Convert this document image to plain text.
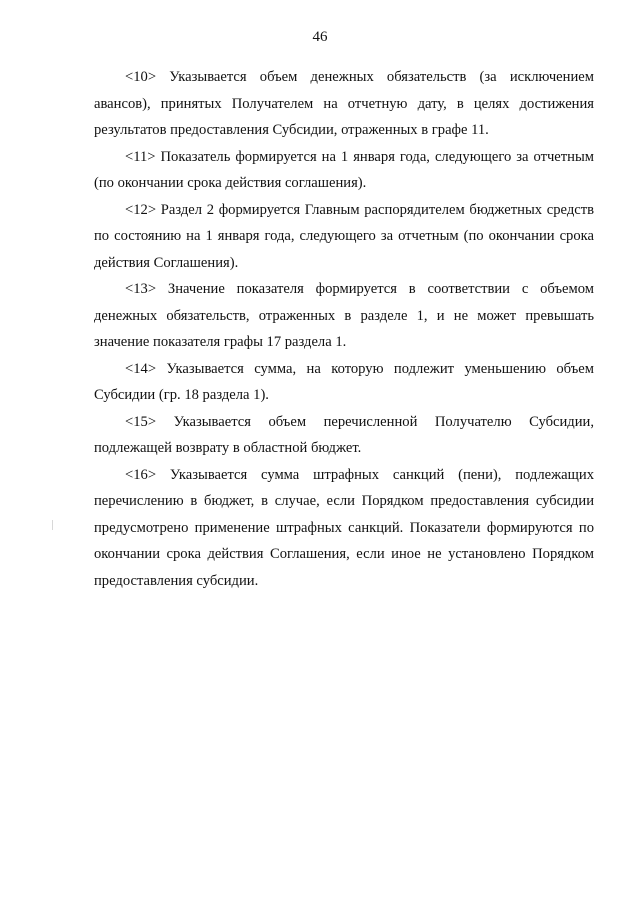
46

<10> Указывается объем денежных обязательств (за исключением авансов), принятых Получателем на отчетную дату, в целях достижения результатов предоставления Субсидии, отраженных в графе 11.

<11> Показатель формируется на 1 января года, следующего за отчетным (по окончании срока действия соглашения).

<12> Раздел 2 формируется Главным распорядителем бюджетных средств по состоянию на 1 января года, следующего за отчетным (по окончании срока действия Соглашения).

<13> Значение показателя формируется в соответствии с объемом денежных обязательств, отраженных в разделе 1, и не может превышать значение показателя графы 17 раздела 1.

<14> Указывается сумма, на которую подлежит уменьшению объем Субсидии (гр. 18 раздела 1).

<15> Указывается объем перечисленной Получателю Субсидии, подлежащей возврату в областной бюджет.

<16> Указывается сумма штрафных санкций (пени), подлежащих перечислению в бюджет, в случае, если Порядком предоставления субсидии предусмотрено применение штрафных санкций. Показатели формируются по окончании срока действия Соглашения, если иное не установлено Порядком предоставления субсидии.
